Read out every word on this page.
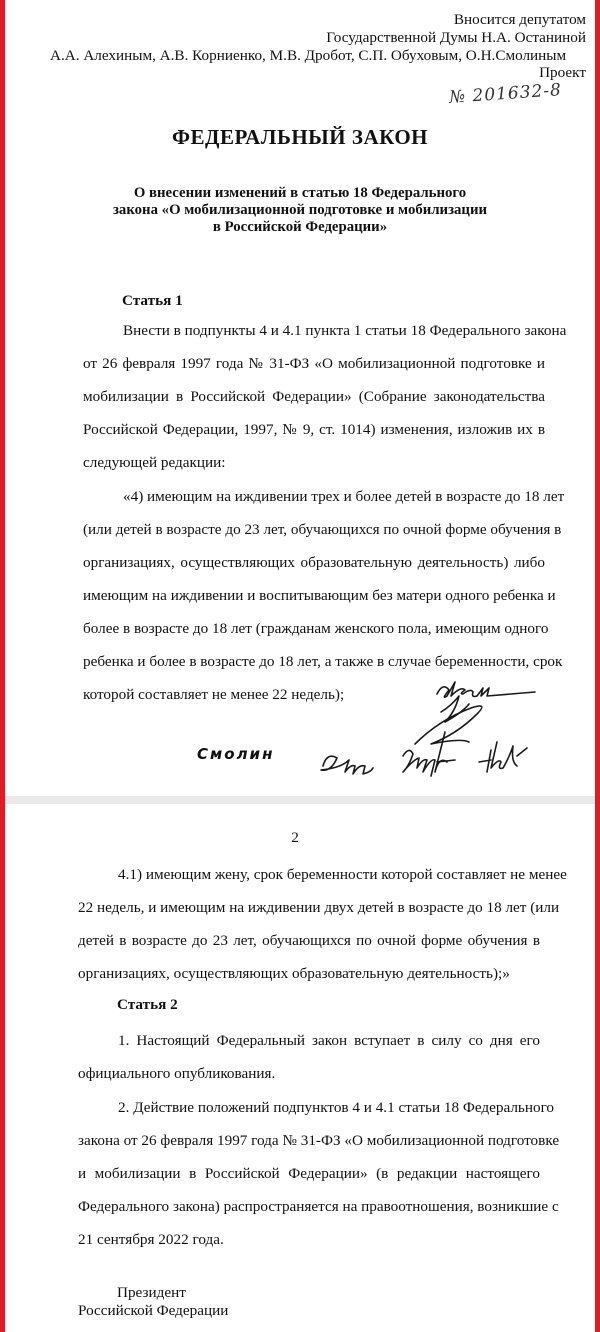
Вносится депутатом
Государственной Думы Н.А. Останиной
А.А. Алехиным, А.В. Корниенко, М.В. Дробот, С.П. Обуховым, О.Н.Смолиным
Проект
№ 201632-8
ФЕДЕРАЛЬНЫЙ ЗАКОН
О внесении изменений в статью 18 Федерального
закона «О мобилизационной подготовке и мобилизации
в Российской Федерации»
Статья 1
Внести в подпункты 4 и 4.1 пункта 1 статьи 18 Федерального закона
от 26 февраля 1997 года № 31-ФЗ «О мобилизационной подготовке и
мобилизации в Российской Федерации» (Собрание законодательства
Российской Федерации, 1997, № 9, ст. 1014) изменения, изложив их в
следующей редакции:
«4) имеющим на иждивении трех и более детей в возрасте до 18 лет
(или детей в возрасте до 23 лет, обучающихся по очной форме обучения в
организациях, осуществляющих образовательную деятельность) либо
имеющим на иждивении и воспитывающим без матери одного ребенка и
более в возрасте до 18 лет (гражданам женского пола, имеющим одного
ребенка и более в возрасте до 18 лет, а также в случае беременности, срок
которой составляет не менее 22 недель);
Смолин
2
4.1) имеющим жену, срок беременности которой составляет не менее
22 недель, и имеющим на иждивении двух детей в возрасте до 18 лет (или
детей в возрасте до 23 лет, обучающихся по очной форме обучения в
организациях, осуществляющих образовательную деятельность);»
Статья 2
1. Настоящий Федеральный закон вступает в силу со дня его
официального опубликования.
2. Действие положений подпунктов 4 и 4.1 статьи 18 Федерального
закона от 26 февраля 1997 года № 31-ФЗ «О мобилизационной подготовке
и мобилизации в Российской Федерации» (в редакции настоящего
Федерального закона) распространяется на правоотношения, возникшие с
21 сентября 2022 года.
Президент
Российской Федерации
